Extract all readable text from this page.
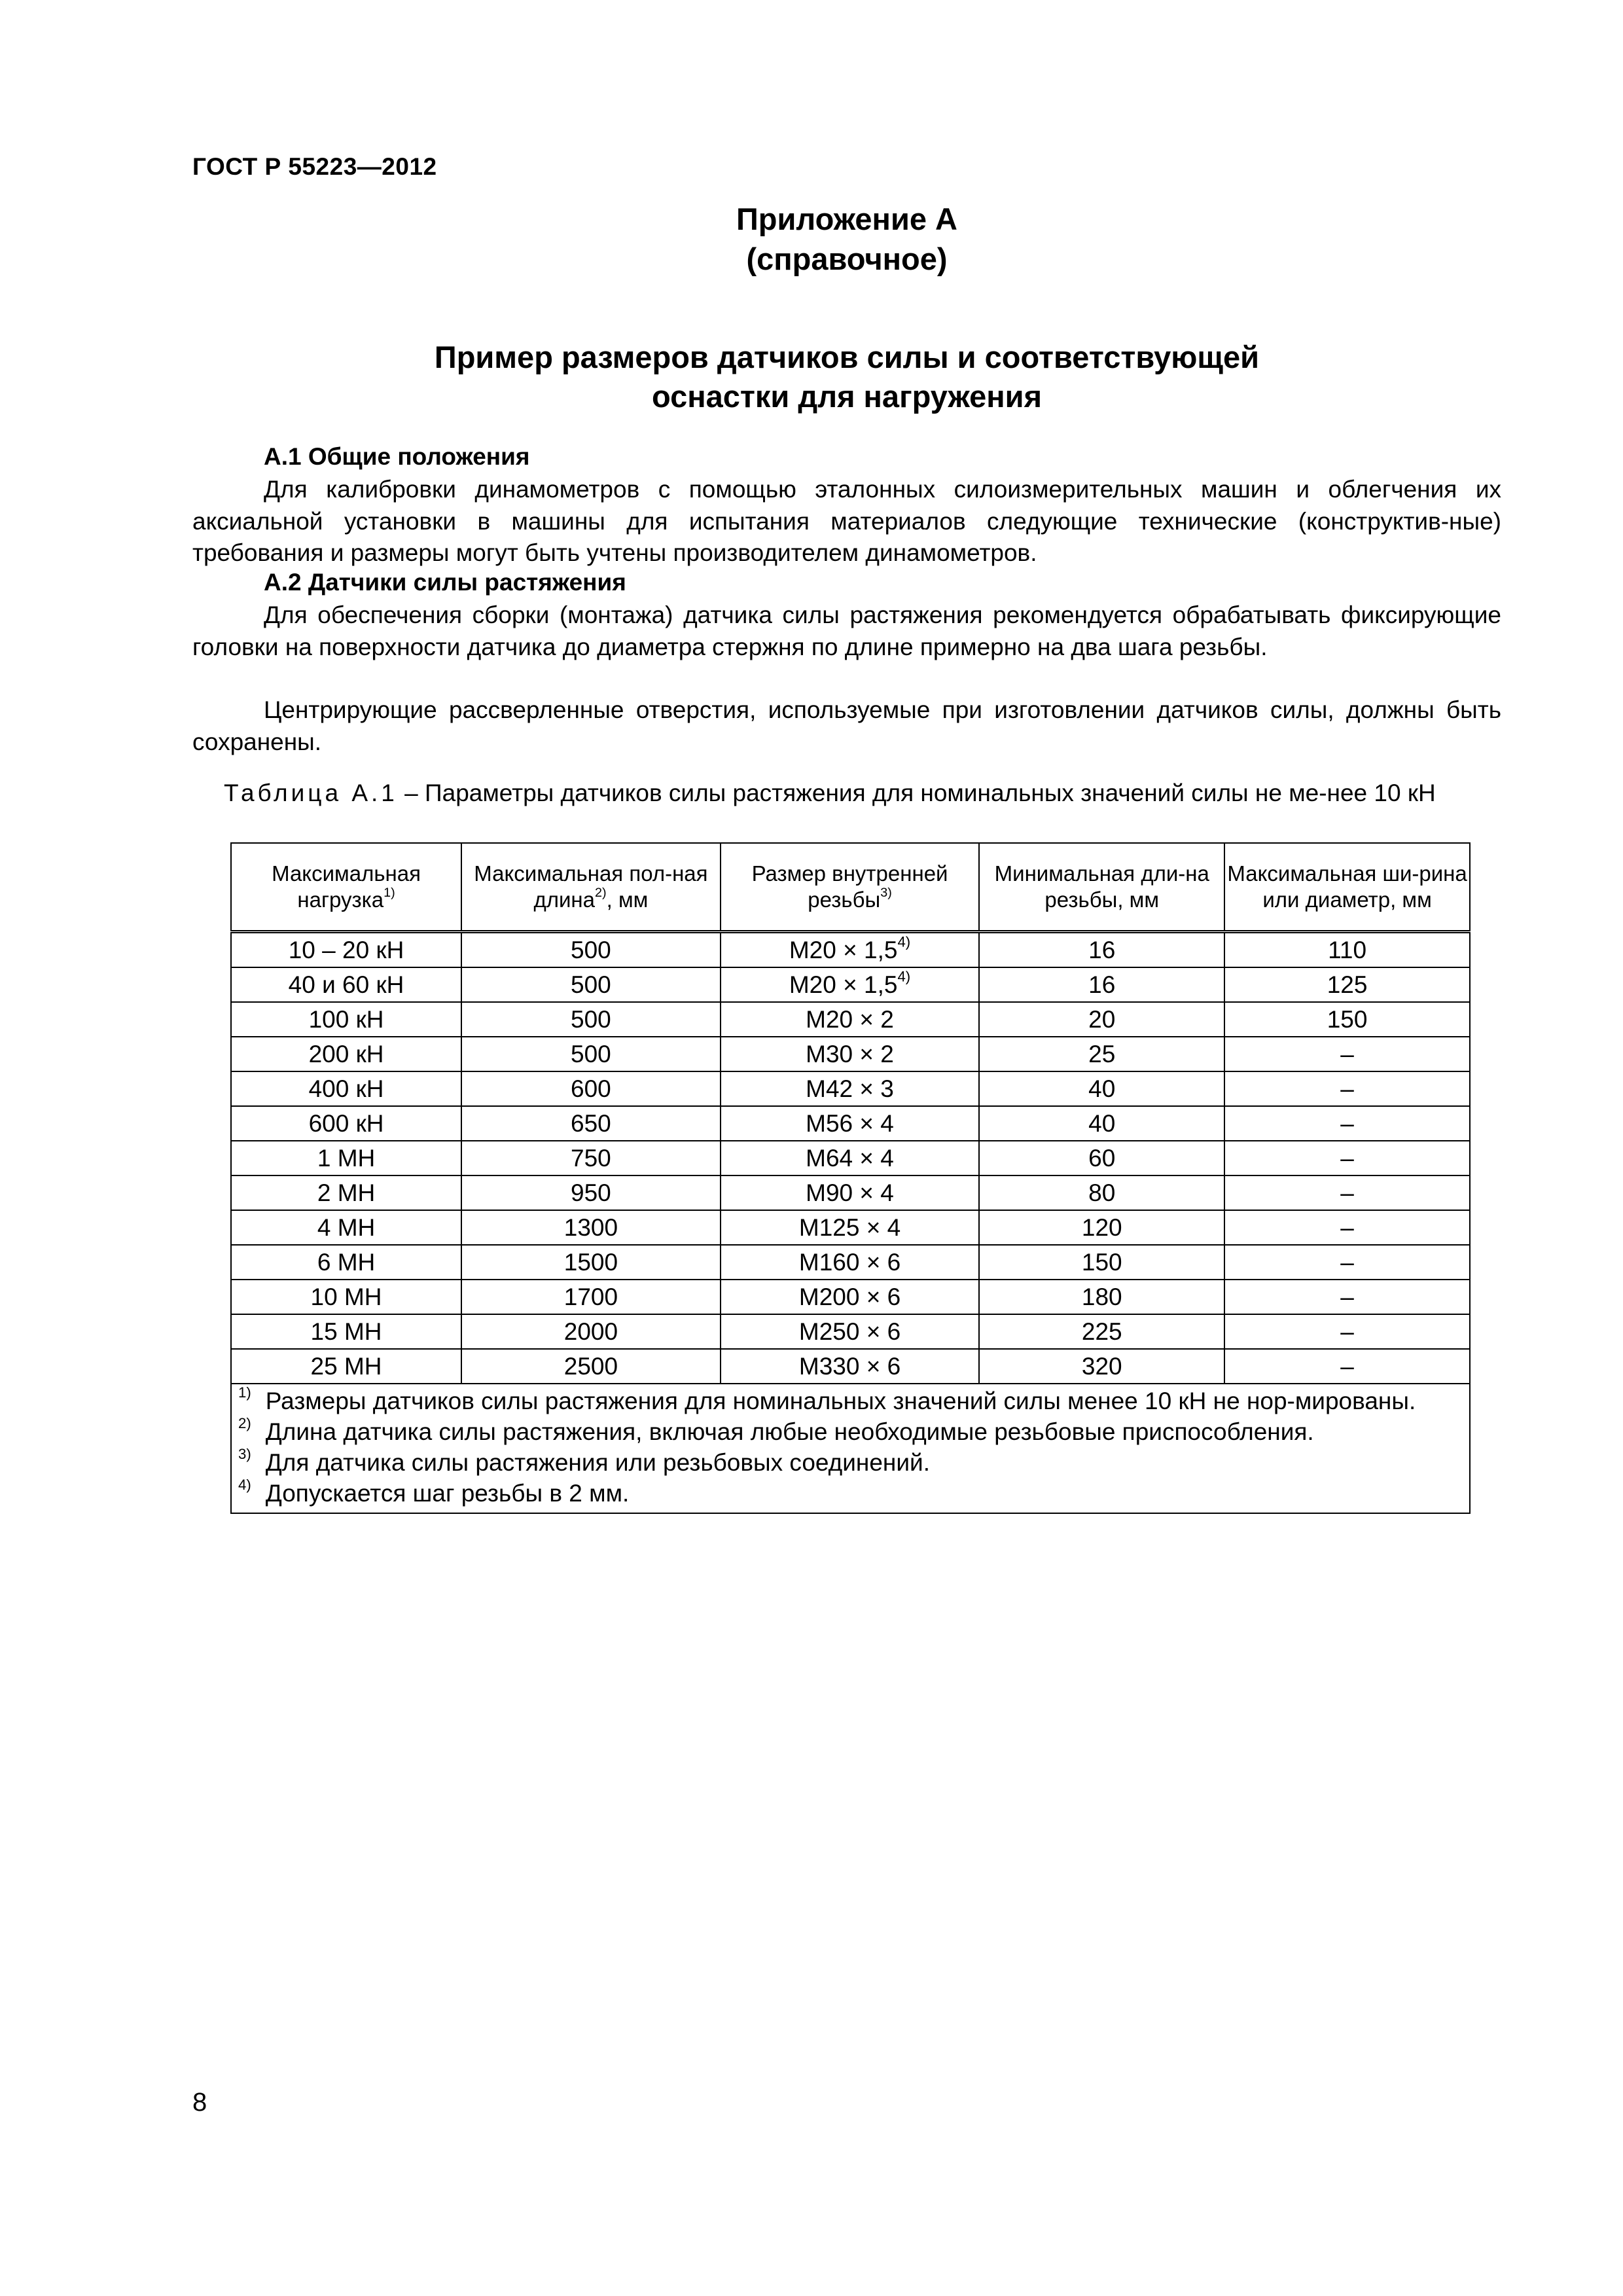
ГОСТ Р 55223—2012
Приложение А
(справочное)
Пример размеров датчиков силы и соответствующей
оснастки для нагружения
А.1 Общие положения

Для калибровки динамометров с помощью эталонных силоизмерительных машин и облегчения их аксиальной установки в машины для испытания материалов следующие технические (конструктив-ные) требования и размеры могут быть учтены производителем динамометров.

А.2 Датчики силы растяжения

Для обеспечения сборки (монтажа) датчика силы растяжения рекомендуется обрабатывать фиксирующие головки на поверхности датчика до диаметра стержня по длине примерно на два шага резьбы.

Центрирующие рассверленные отверстия, используемые при изготовлении датчиков силы, должны быть сохранены.

Таблица А.1 – Параметры датчиков силы растяжения для номинальных значений силы не ме-нее 10 кН

Максимальная нагрузка$^{1)}$	Максимальная пол-ная длина$^{2)}$, мм	Размер внутренней резьбы$^{3)}$	Минимальная дли-на резьбы, мм	Максимальная ши-рина или диаметр, мм
10 – 20 кН	500	$М20 \times 1,5^{4)}$	16	110
40 и 60 кН	500	$М20 \times 1,5^{4)}$	16	125
100 кН	500	М20 × 2	20	150
200 кН	500	М30 × 2	25	–
400 кН	600	М42 × 3	40	–
600 кН	650	М56 × 4	40	–
1 МН	750	М64 × 4	60	–
2 МН	950	М90 × 4	80	–
4 МН	1300	М125 × 4	120	–
6 МН	1500	М160 × 6	150	–
10 МН	1700	М200 × 6	180	–
15 МН	2000	М250 × 6	225	–
25 МН	2500	М330 × 6	320	–

$^{1)}$ Размеры датчиков силы растяжения для номинальных значений силы менее 10 кН не нор-мированы.
$^{2)}$ Длина датчика силы растяжения, включая любые необходимые резьбовые приспособления.
$^{3)}$ Для датчика силы растяжения или резьбовых соединений.
$^{4)}$ Допускается шаг резьбы в 2 мм.				
8
